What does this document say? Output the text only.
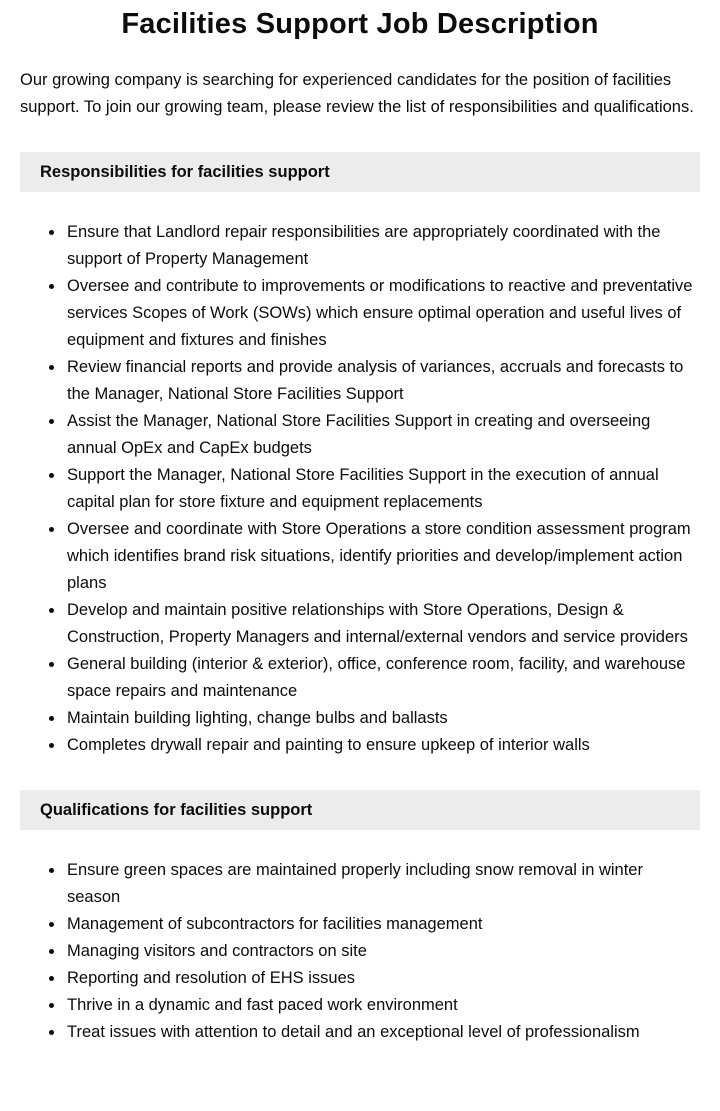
Facilities Support Job Description

Our growing company is searching for experienced candidates for the position of facilities support. To join our growing team, please review the list of responsibilities and qualifications.

Responsibilities for facilities support
• Ensure that Landlord repair responsibilities are appropriately coordinated with the support of Property Management
• Oversee and contribute to improvements or modifications to reactive and preventative services Scopes of Work (SOWs) which ensure optimal operation and useful lives of equipment and fixtures and finishes
• Review financial reports and provide analysis of variances, accruals and forecasts to the Manager, National Store Facilities Support
• Assist the Manager, National Store Facilities Support in creating and overseeing annual OpEx and CapEx budgets
• Support the Manager, National Store Facilities Support in the execution of annual capital plan for store fixture and equipment replacements
• Oversee and coordinate with Store Operations a store condition assessment program which identifies brand risk situations, identify priorities and develop/implement action plans
• Develop and maintain positive relationships with Store Operations, Design & Construction, Property Managers and internal/external vendors and service providers
• General building (interior & exterior), office, conference room, facility, and warehouse space repairs and maintenance
• Maintain building lighting, change bulbs and ballasts
• Completes drywall repair and painting to ensure upkeep of interior walls
Qualifications for facilities support
• Ensure green spaces are maintained properly including snow removal in winter season
• Management of subcontractors for facilities management
• Managing visitors and contractors on site
• Reporting and resolution of EHS issues
• Thrive in a dynamic and fast paced work environment
• Treat issues with attention to detail and an exceptional level of professionalism
